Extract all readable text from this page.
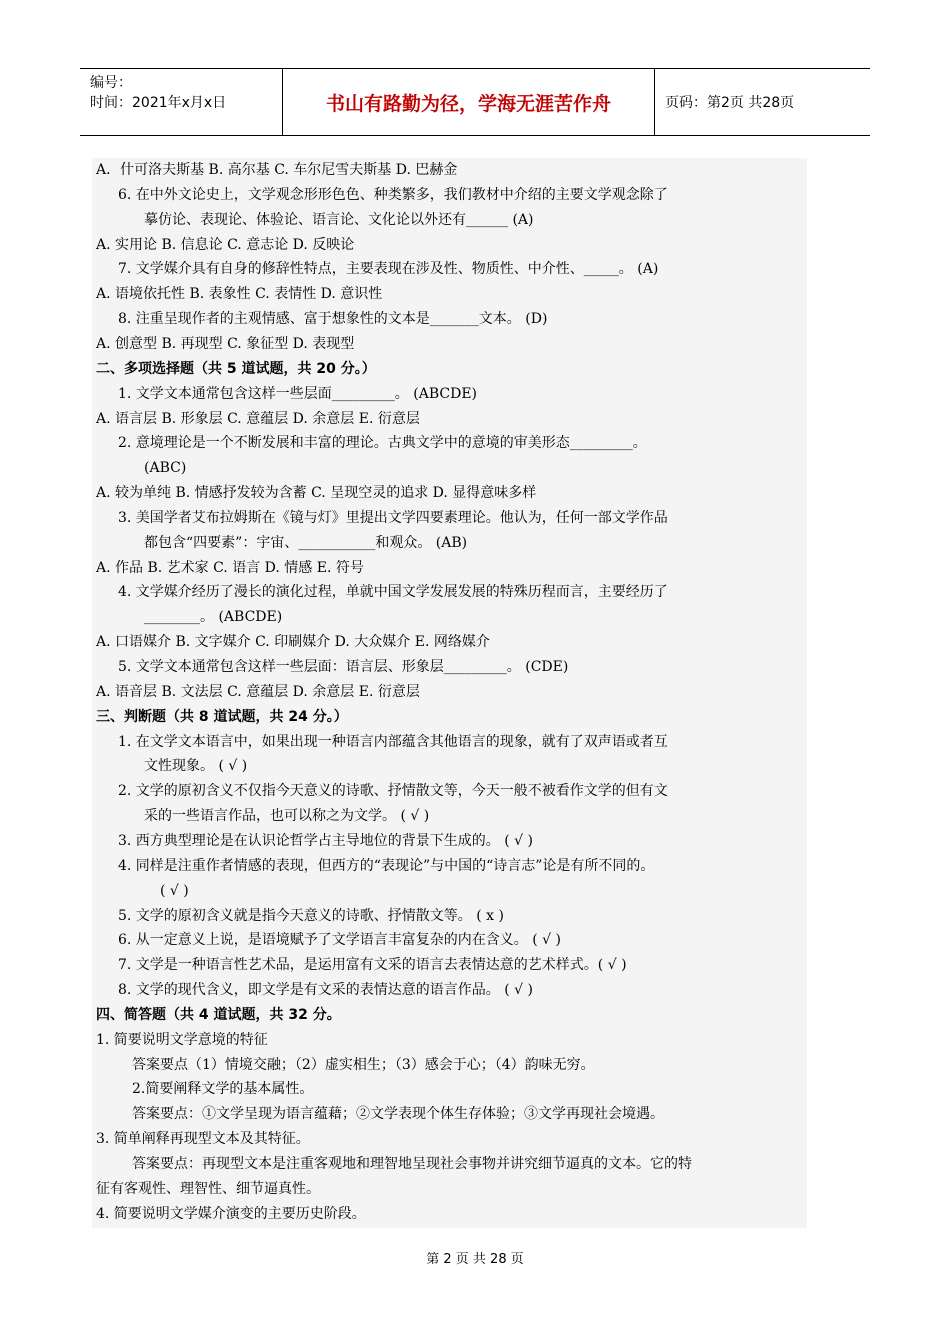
编号：
时间：2021年x月x日	书山有路勤为径，学海无涯苦作舟	页码：第2页 共28页
A．什可洛夫斯基 B. 高尔基 C. 车尔尼雪夫斯基 D. 巴赫金
6. 在中外文论史上，文学观念形形色色、种类繁多，我们教材中介绍的主要文学观念除了
摹仿论、表现论、体验论、语言论、文化论以外还有______ (A)
A. 实用论 B. 信息论 C. 意志论 D. 反映论
7. 文学媒介具有自身的修辞性特点，主要表现在涉及性、物质性、中介性、_____。 (A)
A. 语境依托性 B. 表象性 C. 表情性 D. 意识性
8. 注重呈现作者的主观情感、富于想象性的文本是_______文本。 (D)
A. 创意型 B. 再现型 C. 象征型 D. 表现型
二、多项选择题（共 5 道试题，共 20 分。）
1. 文学文本通常包含这样一些层面_________。 (ABCDE)
A. 语言层 B. 形象层 C. 意蕴层 D. 余意层 E. 衍意层
2. 意境理论是一个不断发展和丰富的理论。古典文学中的意境的审美形态_________。
(ABC)
A. 较为单纯 B. 情感抒发较为含蓄 C. 呈现空灵的追求 D. 显得意味多样
3. 美国学者艾布拉姆斯在《镜与灯》里提出文学四要素理论。他认为，任何一部文学作品
都包含“四要素”：宇宙、___________和观众。 (AB)
A. 作品 B. 艺术家 C. 语言 D. 情感 E. 符号
4. 文学媒介经历了漫长的演化过程，单就中国文学发展发展的特殊历程而言，主要经历了
________。 (ABCDE)
A. 口语媒介 B. 文字媒介 C. 印刷媒介 D. 大众媒介 E. 网络媒介
5. 文学文本通常包含这样一些层面：语言层、形象层_________。 (CDE)
A. 语音层 B. 文法层 C. 意蕴层 D. 余意层 E. 衍意层
三、判断题（共 8 道试题，共 24 分。）
1. 在文学文本语言中，如果出现一种语言内部蕴含其他语言的现象，就有了双声语或者互
文性现象。 ( √ )
2. 文学的原初含义不仅指今天意义的诗歌、抒情散文等，今天一般不被看作文学的但有文
采的一些语言作品，也可以称之为文学。 ( √ )
3. 西方典型理论是在认识论哲学占主导地位的背景下生成的。 ( √ )
4. 同样是注重作者情感的表现，但西方的“表现论”与中国的“诗言志”论是有所不同的。
( √ )
5. 文学的原初含义就是指今天意义的诗歌、抒情散文等。 ( x )
6. 从一定意义上说，是语境赋予了文学语言丰富复杂的内在含义。 ( √ )
7. 文学是一种语言性艺术品，是运用富有文采的语言去表情达意的艺术样式。( √ )
8. 文学的现代含义，即文学是有文采的表情达意的语言作品。 ( √ )
四、简答题（共 4 道试题，共 32 分。
1. 简要说明文学意境的特征
答案要点（1）情境交融；（2）虚实相生；（3）感会于心；（4）韵味无穷。
2.简要阐释文学的基本属性。
答案要点：①文学呈现为语言蕴藉；②文学表现个体生存体验；③文学再现社会境遇。
3. 简单阐释再现型文本及其特征。
答案要点：再现型文本是注重客观地和理智地呈现社会事物并讲究细节逼真的文本。它的特
征有客观性、理智性、细节逼真性。
4. 简要说明文学媒介演变的主要历史阶段。
第 2 页 共 28 页
